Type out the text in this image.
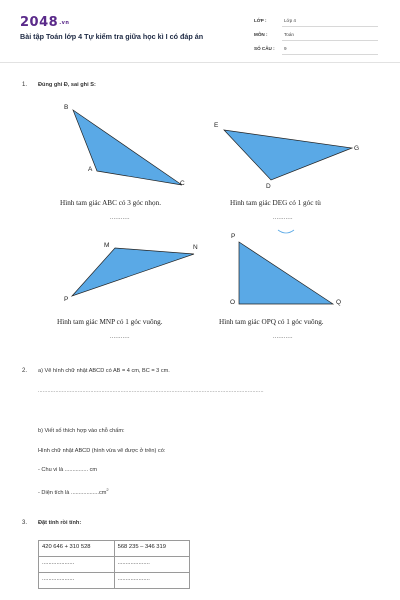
2048.vn
Bài tập Toán lớp 4 Tự kiểm tra giữa học kì I có đáp án
LỚP :	Lớp 4
MÔN :	Toán
SỐ CÂU : 9
1. Đúng ghi Đ, sai ghi S:
B
A
C
E
G
D
M	N
P
P
O	Q
Hình tam giác ABC có 3 góc nhọn.
...........
Hình tam giác DEG có 1 góc tù
...........
Hình tam giác MNP có 1 góc vuông.
...........
Hình tam giác OPQ có 1 góc vuông.
...........
2. a) Vẽ hình chữ nhật ABCD có AB = 4 cm, BC = 3 cm.
..............................................................................................................................................
b) Viết số thích hợp vào chỗ chấm:
Hình chữ nhật ABCD (hình vừa vẽ được ở trên) có:
- Chu vi là ............... cm
- Diện tích là $..................cm^2$
3. Đặt tính rồi tính:
420 646 + 310 528	568 235 – 346 319
....................	....................
....................	....................
